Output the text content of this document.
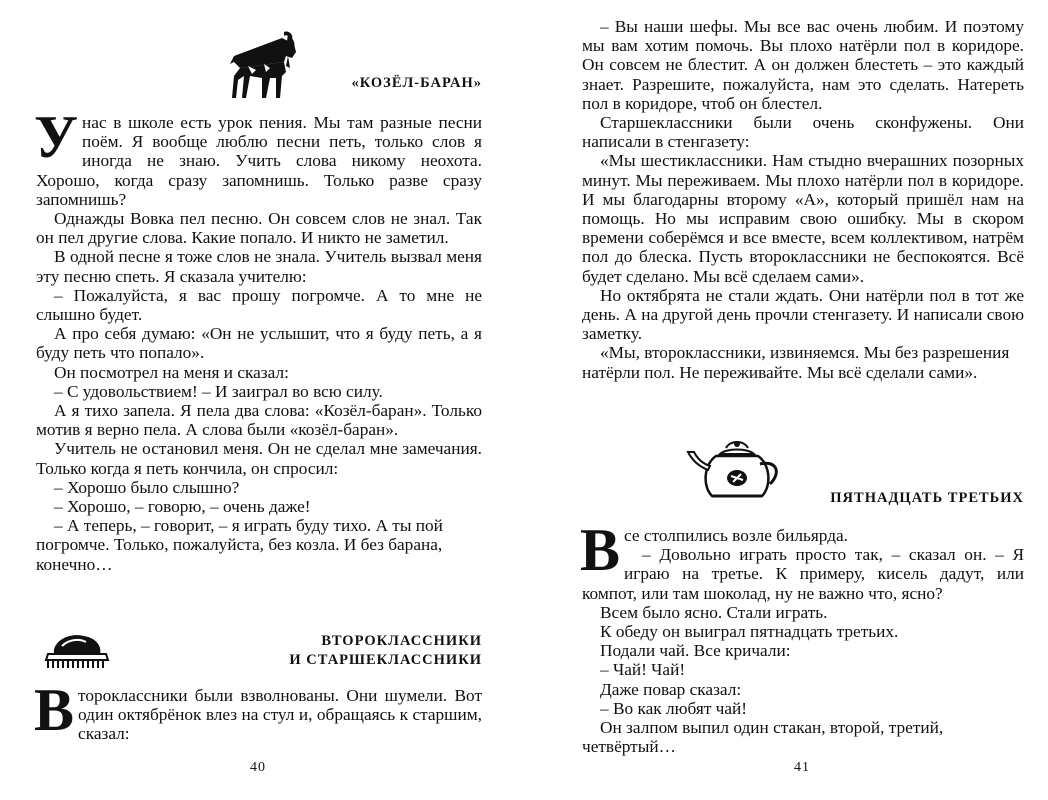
«КОЗЁЛ-БАРАН»

Унас в школе есть урок пения. Мы там разные песни поём. Я вообще люблю песни петь, только слов я иногда не знаю. Учить слова никому неохота. Хорошо, когда сразу запомнишь. Только разве сразу запомнишь?

Однажды Вовка пел песню. Он совсем слов не знал. Так он пел другие слова. Какие попало. И никто не заметил.

В одной песне я тоже слов не знала. Учитель вызвал меня эту песню спеть. Я сказала учителю:

– Пожалуйста, я вас прошу погромче. А то мне не слышно будет.

А про себя думаю: «Он не услышит, что я буду петь, а я буду петь что попало».

Он посмотрел на меня и сказал:

– С удовольствием! – И заиграл во всю силу.

А я тихо запела. Я пела два слова: «Козёл-баран». Только мотив я верно пела. А слова были «козёл-баран».

Учитель не остановил меня. Он не сделал мне замечания. Только когда я петь кончила, он спросил:

– Хорошо было слышно?

– Хорошо, – говорю, – очень даже!

– А теперь, – говорит, – я играть буду тихо. А ты пой погромче. Только, пожалуйста, без козла. И без барана, конечно…

ВТОРОКЛАССНИКИ
И СТАРШЕКЛАССНИКИ

Второклассники были взволнованы. Они шумели. Вот один октябрёнок влез на стул и, обращаясь к старшим, сказал:

40

– Вы наши шефы. Мы все вас очень любим. И поэтому мы вам хотим помочь. Вы плохо натёрли пол в коридоре. Он совсем не блестит. А он должен блестеть – это каждый знает. Разрешите, пожалуйста, нам это сделать. Натереть пол в коридоре, чтоб он блестел.

Старшеклассники были очень сконфужены. Они написали в стенгазету:

«Мы шестиклассники. Нам стыдно вчерашних позорных минут. Мы переживаем. Мы плохо натёрли пол в коридоре. И мы благодарны второму «А», который пришёл нам на помощь. Но мы исправим свою ошибку. Мы в скором времени соберёмся и все вместе, всем коллективом, натрём пол до блеска. Пусть второклассники не беспокоятся. Всё будет сделано. Мы всё сделаем сами».

Но октябрята не стали ждать. Они натёрли пол в тот же день. А на другой день прочли стенгазету. И написали свою заметку.

«Мы, второклассники, извиняемся. Мы без разрешения натёрли пол. Не переживайте. Мы всё сделали сами».

ПЯТНАДЦАТЬ ТРЕТЬИХ

Все столпились возле бильярда.

– Довольно играть просто так, – сказал он. – Я играю на третье. К примеру, кисель дадут, или компот, или там шоколад, ну не важно что, ясно?

Всем было ясно. Стали играть.

К обеду он выиграл пятнадцать третьих.

Подали чай. Все кричали:

– Чай! Чай!

Даже повар сказал:

– Во как любят чай!

Он залпом выпил один стакан, второй, третий, четвёртый…

41
